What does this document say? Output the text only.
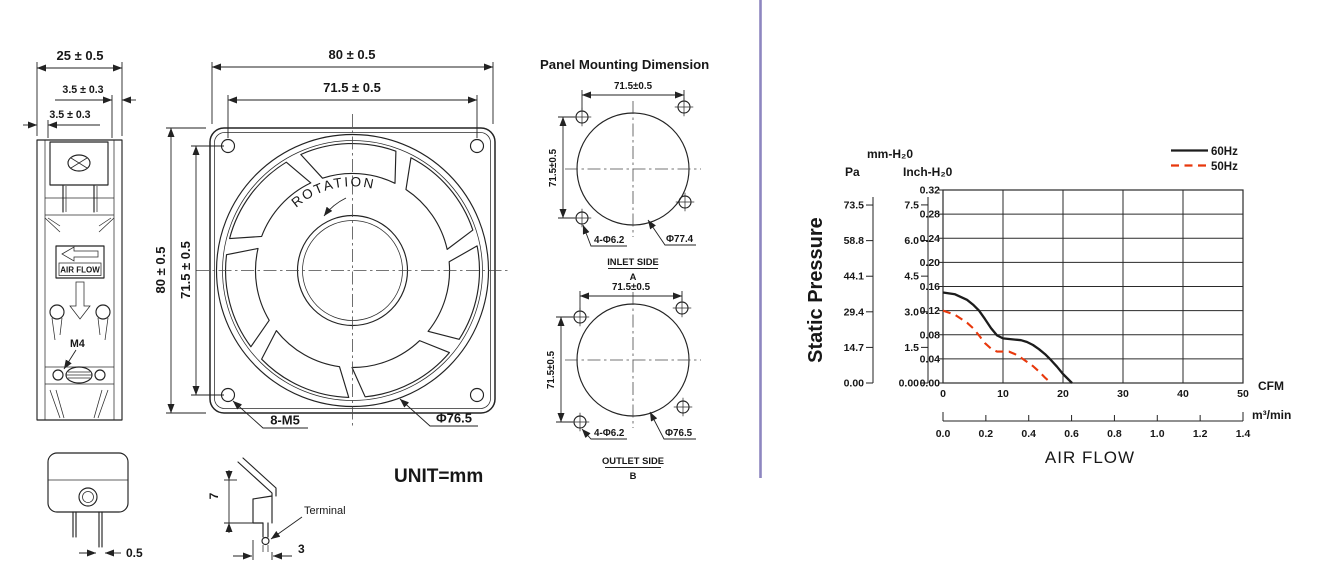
AIR FLOW
M4
25 ± 0.5
3.5 ± 0.3
3.5 ± 0.3
0.5
ROTATION
80 ± 0.5
71.5 ± 0.5
80 ± 0.5 71.5 ± 0.5
8-M5	Φ76.5
UNIT=mm
7
Terminal
3
Panel Mounting Dimension
71.5±0.5
71.5±0.5
4-Φ6.2	Φ77.4
INLET SIDE
A
71.5±0.5
71.5±0.5
4-Φ6.2	Φ76.5
OUTLET SIDE
B
Static Pressure
mm-H₂0
Pa	Inch-H₂0
73.5
58.8
44.1
29.4
14.7
0.00
7.5
6.0
4.5
3.0
1.5
0.00
0.32
0.28
0.24
0.20
0.16
0.12
0.08
0.04
0.00
0	10	20	30	40	50
0.0	0.2	0.4	0.6	0.8	1.0	1.2	1.4
60Hz
50Hz
CFM
m³/min
AIR FLOW
